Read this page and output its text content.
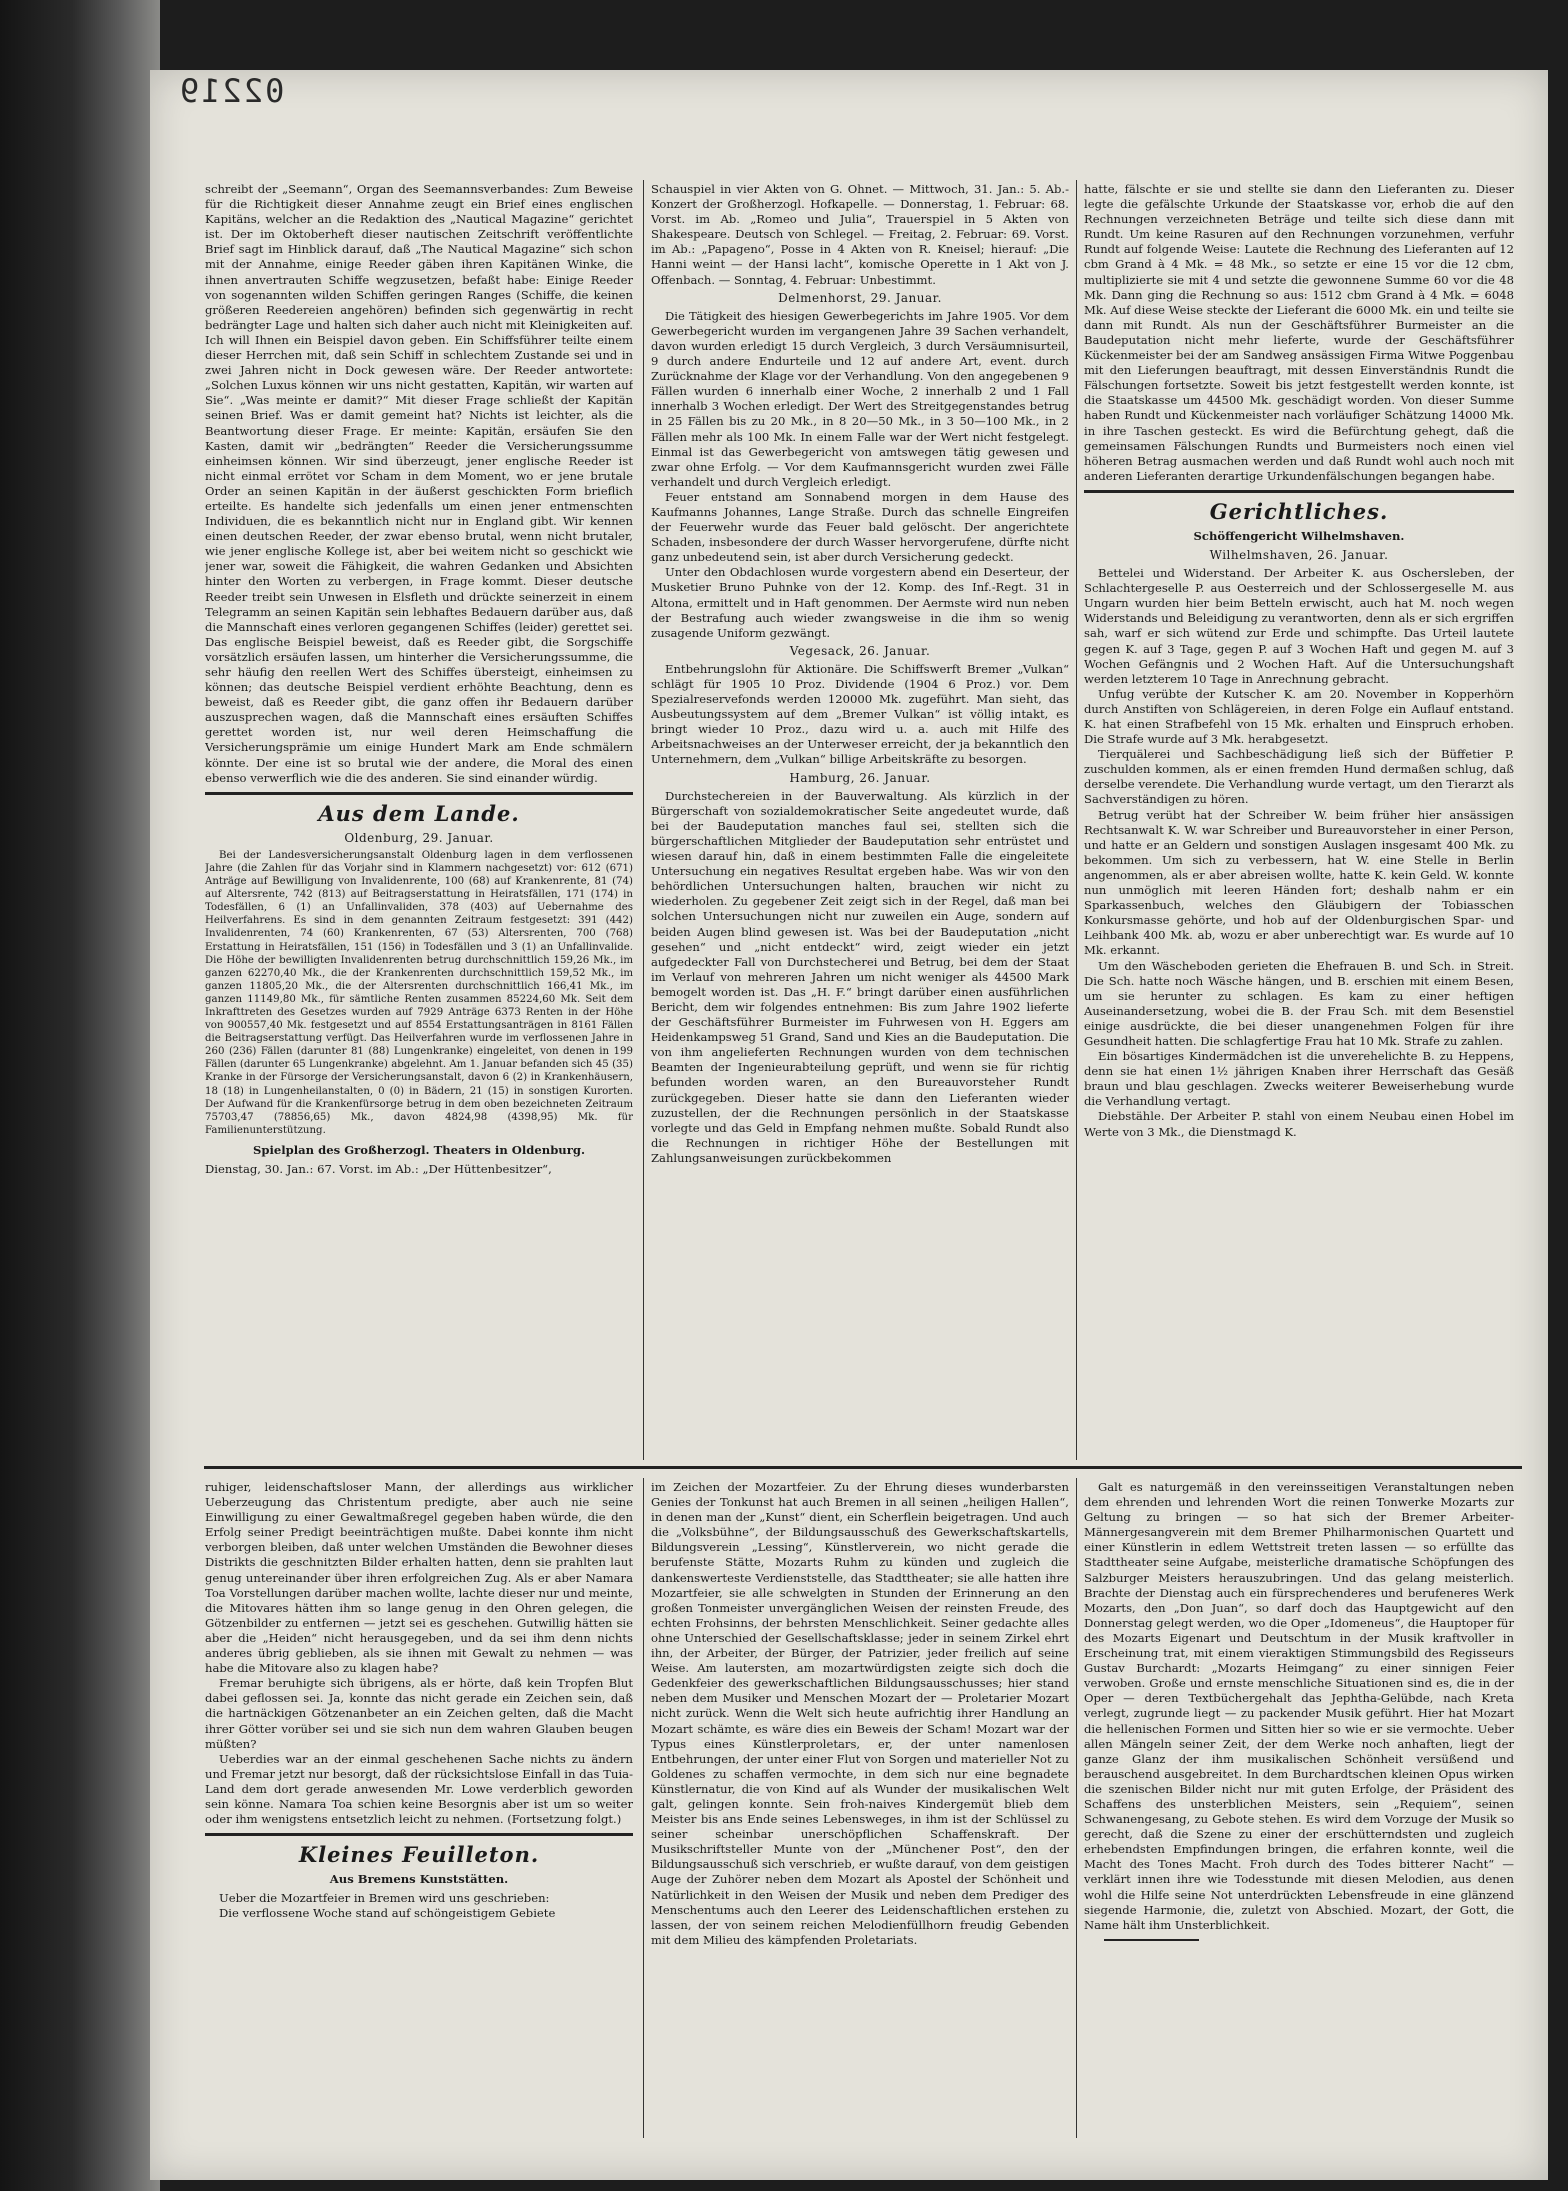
02219

schreibt der „Seemann“, Organ des Seemannsverbandes: Zum Beweise für die Richtigkeit dieser Annahme zeugt ein Brief eines englischen Kapitäns, welcher an die Redaktion des „Nautical Magazine“ gerichtet ist. Der im Oktoberheft dieser nautischen Zeitschrift veröffentlichte Brief sagt im Hinblick darauf, daß „The Nautical Magazine“ sich schon mit der Annahme, einige Reeder gäben ihren Kapitänen Winke, die ihnen anvertrauten Schiffe wegzusetzen, befaßt habe: Einige Reeder von sogenannten wilden Schiffen geringen Ranges (Schiffe, die keinen größeren Reedereien angehören) befinden sich gegenwärtig in recht bedrängter Lage und halten sich daher auch nicht mit Kleinigkeiten auf. Ich will Ihnen ein Beispiel davon geben. Ein Schiffsführer teilte einem dieser Herrchen mit, daß sein Schiff in schlechtem Zustande sei und in zwei Jahren nicht in Dock gewesen wäre. Der Reeder antwortete: „Solchen Luxus können wir uns nicht gestatten, Kapitän, wir warten auf Sie“. „Was meinte er damit?“ Mit dieser Frage schließt der Kapitän seinen Brief. Was er damit gemeint hat? Nichts ist leichter, als die Beantwortung dieser Frage. Er meinte: Kapitän, ersäufen Sie den Kasten, damit wir „bedrängten“ Reeder die Versicherungssumme einheimsen können. Wir sind überzeugt, jener englische Reeder ist nicht einmal errötet vor Scham in dem Moment, wo er jene brutale Order an seinen Kapitän in der äußerst geschickten Form brieflich erteilte. Es handelte sich jedenfalls um einen jener entmenschten Individuen, die es bekanntlich nicht nur in England gibt. Wir kennen einen deutschen Reeder, der zwar ebenso brutal, wenn nicht brutaler, wie jener englische Kollege ist, aber bei weitem nicht so geschickt wie jener war, soweit die Fähigkeit, die wahren Gedanken und Absichten hinter den Worten zu verbergen, in Frage kommt. Dieser deutsche Reeder treibt sein Unwesen in Elsfleth und drückte seinerzeit in einem Telegramm an seinen Kapitän sein lebhaftes Bedauern darüber aus, daß die Mannschaft eines verloren gegangenen Schiffes (leider) gerettet sei. Das englische Beispiel beweist, daß es Reeder gibt, die Sorgschiffe vorsätzlich ersäufen lassen, um hinterher die Versicherungssumme, die sehr häufig den reellen Wert des Schiffes übersteigt, einheimsen zu können; das deutsche Beispiel verdient erhöhte Beachtung, denn es beweist, daß es Reeder gibt, die ganz offen ihr Bedauern darüber auszusprechen wagen, daß die Mannschaft eines ersäuften Schiffes gerettet worden ist, nur weil deren Heimschaffung die Versicherungsprämie um einige Hundert Mark am Ende schmälern könnte. Der eine ist so brutal wie der andere, die Moral des einen ebenso verwerflich wie die des anderen. Sie sind einander würdig.

Aus dem Lande.
Oldenburg, 29. Januar.

Bei der Landesversicherungsanstalt Oldenburg lagen in dem verflossenen Jahre (die Zahlen für das Vorjahr sind in Klammern nachgesetzt) vor: 612 (671) Anträge auf Bewilligung von Invalidenrente, 100 (68) auf Krankenrente, 81 (74) auf Altersrente, 742 (813) auf Beitragserstattung in Heiratsfällen, 171 (174) in Todesfällen, 6 (1) an Unfallinvaliden, 378 (403) auf Uebernahme des Heilverfahrens. Es sind in dem genannten Zeitraum festgesetzt: 391 (442) Invalidenrenten, 74 (60) Krankenrenten, 67 (53) Altersrenten, 700 (768) Erstattung in Heiratsfällen, 151 (156) in Todesfällen und 3 (1) an Unfallinvalide. Die Höhe der bewilligten Invalidenrenten betrug durchschnittlich 159,26 Mk., im ganzen 62270,40 Mk., die der Krankenrenten durchschnittlich 159,52 Mk., im ganzen 11805,20 Mk., die der Altersrenten durchschnittlich 166,41 Mk., im ganzen 11149,80 Mk., für sämtliche Renten zusammen 85224,60 Mk. Seit dem Inkrafttreten des Gesetzes wurden auf 7929 Anträge 6373 Renten in der Höhe von 900557,40 Mk. festgesetzt und auf 8554 Erstattungsanträgen in 8161 Fällen die Beitragserstattung verfügt. Das Heilverfahren wurde im verflossenen Jahre in 260 (236) Fällen (darunter 81 (88) Lungenkranke) eingeleitet, von denen in 199 Fällen (darunter 65 Lungenkranke) abgelehnt. Am 1. Januar befanden sich 45 (35) Kranke in der Fürsorge der Versicherungsanstalt, davon 6 (2) in Krankenhäusern, 18 (18) in Lungenheilanstalten, 0 (0) in Bädern, 21 (15) in sonstigen Kurorten. Der Aufwand für die Krankenfürsorge betrug in dem oben bezeichneten Zeitraum 75703,47 (78856,65) Mk., davon 4824,98 (4398,95) Mk. für Familienunterstützung.

Spielplan des Großherzogl. Theaters in Oldenburg.

Dienstag, 30. Jan.: 67. Vorst. im Ab.: „Der Hüttenbesitzer“,

Schauspiel in vier Akten von G. Ohnet. — Mittwoch, 31. Jan.: 5. Ab.-Konzert der Großherzogl. Hofkapelle. — Donnerstag, 1. Februar: 68. Vorst. im Ab. „Romeo und Julia“, Trauerspiel in 5 Akten von Shakespeare. Deutsch von Schlegel. — Freitag, 2. Februar: 69. Vorst. im Ab.: „Papageno“, Posse in 4 Akten von R. Kneisel; hierauf: „Die Hanni weint — der Hansi lacht“, komische Operette in 1 Akt von J. Offenbach. — Sonntag, 4. Februar: Unbestimmt.

Delmenhorst, 29. Januar.

Die Tätigkeit des hiesigen Gewerbegerichts im Jahre 1905. Vor dem Gewerbegericht wurden im vergangenen Jahre 39 Sachen verhandelt, davon wurden erledigt 15 durch Vergleich, 3 durch Versäumnisurteil, 9 durch andere Endurteile und 12 auf andere Art, event. durch Zurücknahme der Klage vor der Verhandlung. Von den angegebenen 9 Fällen wurden 6 innerhalb einer Woche, 2 innerhalb 2 und 1 Fall innerhalb 3 Wochen erledigt. Der Wert des Streitgegenstandes betrug in 25 Fällen bis zu 20 Mk., in 8 20—50 Mk., in 3 50—100 Mk., in 2 Fällen mehr als 100 Mk. In einem Falle war der Wert nicht festgelegt. Einmal ist das Gewerbegericht von amtswegen tätig gewesen und zwar ohne Erfolg. — Vor dem Kaufmannsgericht wurden zwei Fälle verhandelt und durch Vergleich erledigt.

Feuer entstand am Sonnabend morgen in dem Hause des Kaufmanns Johannes, Lange Straße. Durch das schnelle Eingreifen der Feuerwehr wurde das Feuer bald gelöscht. Der angerichtete Schaden, insbesondere der durch Wasser hervorgerufene, dürfte nicht ganz unbedeutend sein, ist aber durch Versicherung gedeckt.

Unter den Obdachlosen wurde vorgestern abend ein Deserteur, der Musketier Bruno Puhnke von der 12. Komp. des Inf.-Regt. 31 in Altona, ermittelt und in Haft genommen. Der Aermste wird nun neben der Bestrafung auch wieder zwangsweise in die ihm so wenig zusagende Uniform gezwängt.

Vegesack, 26. Januar.

Entbehrungslohn für Aktionäre. Die Schiffswerft Bremer „Vulkan“ schlägt für 1905 10 Proz. Dividende (1904 6 Proz.) vor. Dem Spezialreservefonds werden 120000 Mk. zugeführt. Man sieht, das Ausbeutungssystem auf dem „Bremer Vulkan“ ist völlig intakt, es bringt wieder 10 Proz., dazu wird u. a. auch mit Hilfe des Arbeitsnachweises an der Unterweser erreicht, der ja bekanntlich den Unternehmern, dem „Vulkan“ billige Arbeitskräfte zu besorgen.

Hamburg, 26. Januar.

Durchstechereien in der Bauverwaltung. Als kürzlich in der Bürgerschaft von sozialdemokratischer Seite angedeutet wurde, daß bei der Baudeputation manches faul sei, stellten sich die bürgerschaftlichen Mitglieder der Baudeputation sehr entrüstet und wiesen darauf hin, daß in einem bestimmten Falle die eingeleitete Untersuchung ein negatives Resultat ergeben habe. Was wir von den behördlichen Untersuchungen halten, brauchen wir nicht zu wiederholen. Zu gegebener Zeit zeigt sich in der Regel, daß man bei solchen Untersuchungen nicht nur zuweilen ein Auge, sondern auf beiden Augen blind gewesen ist. Was bei der Baudeputation „nicht gesehen“ und „nicht entdeckt“ wird, zeigt wieder ein jetzt aufgedeckter Fall von Durchstecherei und Betrug, bei dem der Staat im Verlauf von mehreren Jahren um nicht weniger als 44500 Mark bemogelt worden ist. Das „H. F.“ bringt darüber einen ausführlichen Bericht, dem wir folgendes entnehmen: Bis zum Jahre 1902 lieferte der Geschäftsführer Burmeister im Fuhrwesen von H. Eggers am Heidenkampsweg 51 Grand, Sand und Kies an die Baudeputation. Die von ihm angelieferten Rechnungen wurden von dem technischen Beamten der Ingenieurabteilung geprüft, und wenn sie für richtig befunden worden waren, an den Bureauvorsteher Rundt zurückgegeben. Dieser hatte sie dann den Lieferanten wieder zuzustellen, der die Rechnungen persönlich in der Staatskasse vorlegte und das Geld in Empfang nehmen mußte. Sobald Rundt also die Rechnungen in richtiger Höhe der Bestellungen mit Zahlungsanweisungen zurückbekommen

hatte, fälschte er sie und stellte sie dann den Lieferanten zu. Dieser legte die gefälschte Urkunde der Staatskasse vor, erhob die auf den Rechnungen verzeichneten Beträge und teilte sich diese dann mit Rundt. Um keine Rasuren auf den Rechnungen vorzunehmen, verfuhr Rundt auf folgende Weise: Lautete die Rechnung des Lieferanten auf 12 cbm Grand à 4 Mk. = 48 Mk., so setzte er eine 15 vor die 12 cbm, multiplizierte sie mit 4 und setzte die gewonnene Summe 60 vor die 48 Mk. Dann ging die Rechnung so aus: 1512 cbm Grand à 4 Mk. = 6048 Mk. Auf diese Weise steckte der Lieferant die 6000 Mk. ein und teilte sie dann mit Rundt. Als nun der Geschäftsführer Burmeister an die Baudeputation nicht mehr lieferte, wurde der Geschäftsführer Kückenmeister bei der am Sandweg ansässigen Firma Witwe Poggenbau mit den Lieferungen beauftragt, mit dessen Einverständnis Rundt die Fälschungen fortsetzte. Soweit bis jetzt festgestellt werden konnte, ist die Staatskasse um 44500 Mk. geschädigt worden. Von dieser Summe haben Rundt und Kückenmeister nach vorläufiger Schätzung 14000 Mk. in ihre Taschen gesteckt. Es wird die Befürchtung gehegt, daß die gemeinsamen Fälschungen Rundts und Burmeisters noch einen viel höheren Betrag ausmachen werden und daß Rundt wohl auch noch mit anderen Lieferanten derartige Urkundenfälschungen begangen habe.

Gerichtliches.
Schöffengericht Wilhelmshaven.
Wilhelmshaven, 26. Januar.

Bettelei und Widerstand. Der Arbeiter K. aus Oschersleben, der Schlachtergeselle P. aus Oesterreich und der Schlossergeselle M. aus Ungarn wurden hier beim Betteln erwischt, auch hat M. noch wegen Widerstands und Beleidigung zu verantworten, denn als er sich ergriffen sah, warf er sich wütend zur Erde und schimpfte. Das Urteil lautete gegen K. auf 3 Tage, gegen P. auf 3 Wochen Haft und gegen M. auf 3 Wochen Gefängnis und 2 Wochen Haft. Auf die Untersuchungshaft werden letzterem 10 Tage in Anrechnung gebracht.

Unfug verübte der Kutscher K. am 20. November in Kopperhörn durch Anstiften von Schlägereien, in deren Folge ein Auflauf entstand. K. hat einen Strafbefehl von 15 Mk. erhalten und Einspruch erhoben. Die Strafe wurde auf 3 Mk. herabgesetzt.

Tierquälerei und Sachbeschädigung ließ sich der Büffetier P. zuschulden kommen, als er einen fremden Hund dermaßen schlug, daß derselbe verendete. Die Verhandlung wurde vertagt, um den Tierarzt als Sachverständigen zu hören.

Betrug verübt hat der Schreiber W. beim früher hier ansässigen Rechtsanwalt K. W. war Schreiber und Bureauvorsteher in einer Person, und hatte er an Geldern und sonstigen Auslagen insgesamt 400 Mk. zu bekommen. Um sich zu verbessern, hat W. eine Stelle in Berlin angenommen, als er aber abreisen wollte, hatte K. kein Geld. W. konnte nun unmöglich mit leeren Händen fort; deshalb nahm er ein Sparkassenbuch, welches den Gläubigern der Tobiasschen Konkursmasse gehörte, und hob auf der Oldenburgischen Spar- und Leihbank 400 Mk. ab, wozu er aber unberechtigt war. Es wurde auf 10 Mk. erkannt.

Um den Wäscheboden gerieten die Ehefrauen B. und Sch. in Streit. Die Sch. hatte noch Wäsche hängen, und B. erschien mit einem Besen, um sie herunter zu schlagen. Es kam zu einer heftigen Auseinandersetzung, wobei die B. der Frau Sch. mit dem Besenstiel einige ausdrückte, die bei dieser unangenehmen Folgen für ihre Gesundheit hatten. Die schlagfertige Frau hat 10 Mk. Strafe zu zahlen.

Ein bösartiges Kindermädchen ist die unverehelichte B. zu Heppens, denn sie hat einen 1½ jährigen Knaben ihrer Herrschaft das Gesäß braun und blau geschlagen. Zwecks weiterer Beweiserhebung wurde die Verhandlung vertagt.

Diebstähle. Der Arbeiter P. stahl von einem Neubau einen Hobel im Werte von 3 Mk., die Dienstmagd K.

ruhiger, leidenschaftsloser Mann, der allerdings aus wirklicher Ueberzeugung das Christentum predigte, aber auch nie seine Einwilligung zu einer Gewaltmaßregel gegeben haben würde, die den Erfolg seiner Predigt beeinträchtigen mußte. Dabei konnte ihm nicht verborgen bleiben, daß unter welchen Umständen die Bewohner dieses Distrikts die geschnitzten Bilder erhalten hatten, denn sie prahlten laut genug untereinander über ihren erfolgreichen Zug. Als er aber Namara Toa Vorstellungen darüber machen wollte, lachte dieser nur und meinte, die Mitovares hätten ihm so lange genug in den Ohren gelegen, die Götzenbilder zu entfernen — jetzt sei es geschehen. Gutwillig hätten sie aber die „Heiden“ nicht herausgegeben, und da sei ihm denn nichts anderes übrig geblieben, als sie ihnen mit Gewalt zu nehmen — was habe die Mitovare also zu klagen habe?

Fremar beruhigte sich übrigens, als er hörte, daß kein Tropfen Blut dabei geflossen sei. Ja, konnte das nicht gerade ein Zeichen sein, daß die hartnäckigen Götzenanbeter an ein Zeichen gelten, daß die Macht ihrer Götter vorüber sei und sie sich nun dem wahren Glauben beugen müßten?

Ueberdies war an der einmal geschehenen Sache nichts zu ändern und Fremar jetzt nur besorgt, daß der rücksichtslose Einfall in das Tuia-Land dem dort gerade anwesenden Mr. Lowe verderblich geworden sein könne. Namara Toa schien keine Besorgnis aber ist um so weiter oder ihm wenigstens entsetzlich leicht zu nehmen. (Fortsetzung folgt.)

Kleines Feuilleton.
Aus Bremens Kunststätten.

Ueber die Mozartfeier in Bremen wird uns geschrieben:

Die verflossene Woche stand auf schöngeistigem Gebiete

im Zeichen der Mozartfeier. Zu der Ehrung dieses wunderbarsten Genies der Tonkunst hat auch Bremen in all seinen „heiligen Hallen“, in denen man der „Kunst“ dient, ein Scherflein beigetragen. Und auch die „Volksbühne“, der Bildungsausschuß des Gewerkschaftskartells, Bildungsverein „Lessing“, Künstlerverein, wo nicht gerade die berufenste Stätte, Mozarts Ruhm zu künden und zugleich die dankenswerteste Verdienststelle, das Stadttheater; sie alle hatten ihre Mozartfeier, sie alle schwelgten in Stunden der Erinnerung an den großen Tonmeister unvergänglichen Weisen der reinsten Freude, des echten Frohsinns, der behrsten Menschlichkeit. Seiner gedachte alles ohne Unterschied der Gesellschaftsklasse; jeder in seinem Zirkel ehrt ihn, der Arbeiter, der Bürger, der Patrizier, jeder freilich auf seine Weise. Am lautersten, am mozartwürdigsten zeigte sich doch die Gedenkfeier des gewerkschaftlichen Bildungsausschusses; hier stand neben dem Musiker und Menschen Mozart der — Proletarier Mozart nicht zurück. Wenn die Welt sich heute aufrichtig ihrer Handlung an Mozart schämte, es wäre dies ein Beweis der Scham! Mozart war der Typus eines Künstlerproletars, er, der unter namenlosen Entbehrungen, der unter einer Flut von Sorgen und materieller Not zu Goldenes zu schaffen vermochte, in dem sich nur eine begnadete Künstlernatur, die von Kind auf als Wunder der musikalischen Welt galt, gelingen konnte. Sein froh-naives Kindergemüt blieb dem Meister bis ans Ende seines Lebensweges, in ihm ist der Schlüssel zu seiner scheinbar unerschöpflichen Schaffenskraft. Der Musikschriftsteller Munte von der „Münchener Post“, den der Bildungsausschuß sich verschrieb, er wußte darauf, von dem geistigen Auge der Zuhörer neben dem Mozart als Apostel der Schönheit und Natürlichkeit in den Weisen der Musik und neben dem Prediger des Menschentums auch den Leerer des Leidenschaftlichen erstehen zu lassen, der von seinem reichen Melodienfüllhorn freudig Gebenden mit dem Milieu des kämpfenden Proletariats.

Galt es naturgemäß in den vereinsseitigen Veranstaltungen neben dem ehrenden und lehrenden Wort die reinen Tonwerke Mozarts zur Geltung zu bringen — so hat sich der Bremer Arbeiter-Männergesangverein mit dem Bremer Philharmonischen Quartett und einer Künstlerin in edlem Wettstreit treten lassen — so erfüllte das Stadttheater seine Aufgabe, meisterliche dramatische Schöpfungen des Salzburger Meisters herauszubringen. Und das gelang meisterlich. Brachte der Dienstag auch ein fürsprechenderes und berufeneres Werk Mozarts, den „Don Juan“, so darf doch das Hauptgewicht auf den Donnerstag gelegt werden, wo die Oper „Idomeneus“, die Hauptoper für des Mozarts Eigenart und Deutschtum in der Musik kraftvoller in Erscheinung trat, mit einem vieraktigen Stimmungsbild des Regisseurs Gustav Burchardt: „Mozarts Heimgang“ zu einer sinnigen Feier verwoben. Große und ernste menschliche Situationen sind es, die in der Oper — deren Textbüchergehalt das Jephtha-Gelübde, nach Kreta verlegt, zugrunde liegt — zu packender Musik geführt. Hier hat Mozart die hellenischen Formen und Sitten hier so wie er sie vermochte. Ueber allen Mängeln seiner Zeit, der dem Werke noch anhaften, liegt der ganze Glanz der ihm musikalischen Schönheit versüßend und berauschend ausgebreitet. In dem Burchardtschen kleinen Opus wirken die szenischen Bilder nicht nur mit guten Erfolge, der Präsident des Schaffens des unsterblichen Meisters, sein „Requiem“, seinen Schwanengesang, zu Gebote stehen. Es wird dem Vorzuge der Musik so gerecht, daß die Szene zu einer der erschütterndsten und zugleich erhebendsten Empfindungen bringen, die erfahren konnte, weil die Macht des Tones Macht. Froh durch des Todes bitterer Nacht“ — verklärt innen ihre wie Todesstunde mit diesen Melodien, aus denen wohl die Hilfe seine Not unterdrückten Lebensfreude in eine glänzend siegende Harmonie, die, zuletzt von Abschied. Mozart, der Gott, die Name hält ihm Unsterblichkeit.
